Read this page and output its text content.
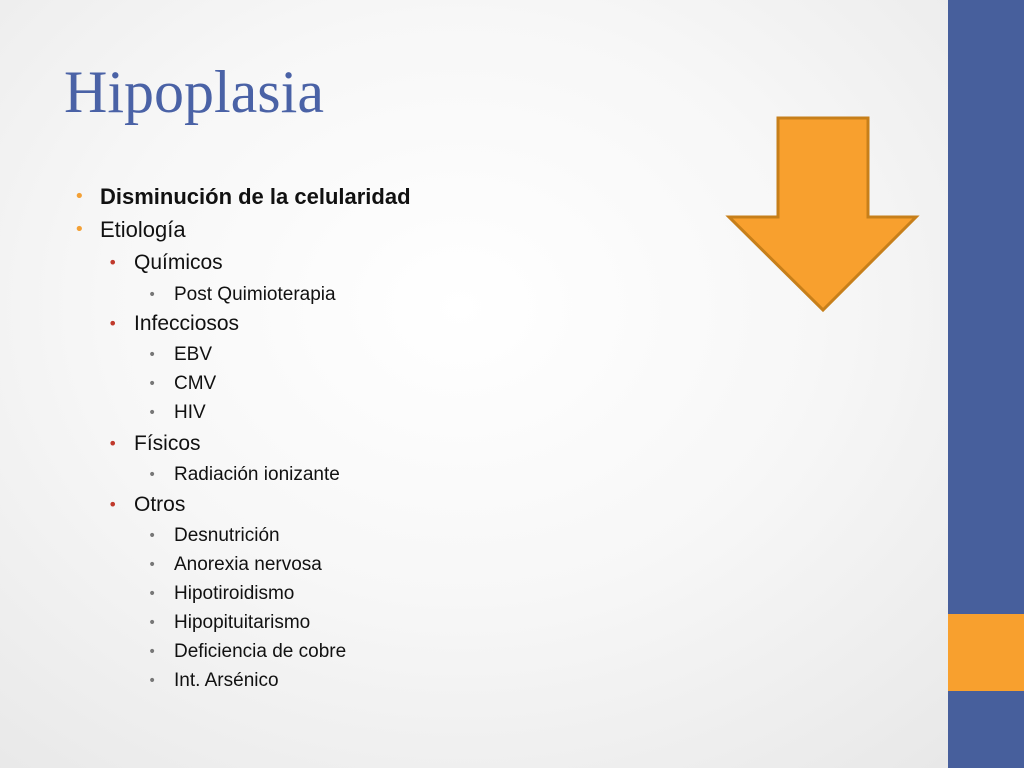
Hipoplasia
• Disminución de la celularidad
• Etiología
• Químicos
• Post Quimioterapia
• Infecciosos
• EBV
• CMV
• HIV
• Físicos
• Radiación ionizante
• Otros
• Desnutrición
• Anorexia nervosa
• Hipotiroidismo
• Hipopituitarismo
• Deficiencia de cobre
• Int. Arsénico
